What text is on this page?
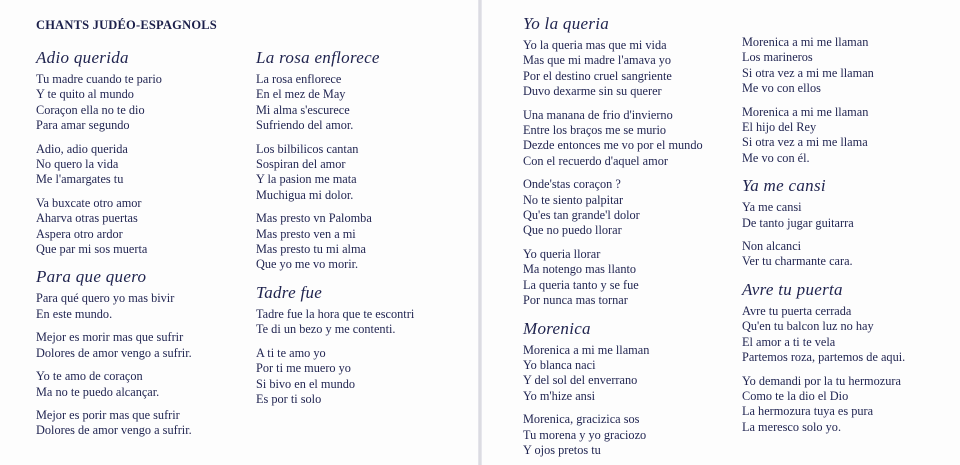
CHANTS JUDÉO-ESPAGNOLS
Adio querida
Tu madre cuando te pario
Y te quito al mundo
Coraçon ella no te dio
Para amar segundo
Adio, adio querida
No quero la vida
Me l'amargates tu
Va buxcate otro amor
Aharva otras puertas
Aspera otro ardor
Que par mi sos muerta
Para que quero
Para qué quero yo mas bivir
En este mundo.
Mejor es morir mas que sufrir
Dolores de amor vengo a sufrir.
Yo te amo de coraçon
Ma no te puedo alcançar.
Mejor es porir mas que sufrir
Dolores de amor vengo a sufrir.
La rosa enflorece
La rosa enflorece
En el mez de May
Mi alma s'escurece
Sufriendo del amor.
Los bilbilicos cantan
Sospiran del amor
Y la pasion me mata
Muchigua mi dolor.
Mas presto vn Palomba
Mas presto ven a mi
Mas presto tu mi alma
Que yo me vo morir.
Tadre fue
Tadre fue la hora que te escontri
Te di un bezo y me contenti.
A ti te amo yo
Por ti me muero yo
Si bivo en el mundo
Es por ti solo
Yo la queria
Yo la queria mas que mi vida
Mas que mi madre l'amava yo
Por el destino cruel sangriente
Duvo dexarme sin su querer
Una manana de frio d'invierno
Entre los braços me se murio
Dezde entonces me vo por el mundo
Con el recuerdo d'aquel amor
Onde'stas coraçon ?
No te siento palpitar
Qu'es tan grande'l dolor
Que no puedo llorar
Yo queria llorar
Ma notengo mas llanto
La queria tanto y se fue
Por nunca mas tornar
Morenica
Morenica a mi me llaman
Yo blanca naci
Y del sol del enverrano
Yo m'hize ansi
Morenica, gracizica sos
Tu morena y yo graciozo
Y ojos pretos tu
Morenica a mi me llaman
Los marineros
Si otra vez a mi me llaman
Me vo con ellos
Morenica a mi me llaman
El hijo del Rey
Si otra vez a mi me llama
Me vo con él.
Ya me cansi
Ya me cansi
De tanto jugar guitarra
Non alcanci
Ver tu charmante cara.
Avre tu puerta
Avre tu puerta cerrada
Qu'en tu balcon luz no hay
El amor a ti te vela
Partemos roza, partemos de aqui.
Yo demandi por la tu hermozura
Como te la dio el Dio
La hermozura tuya es pura
La meresco solo yo.
